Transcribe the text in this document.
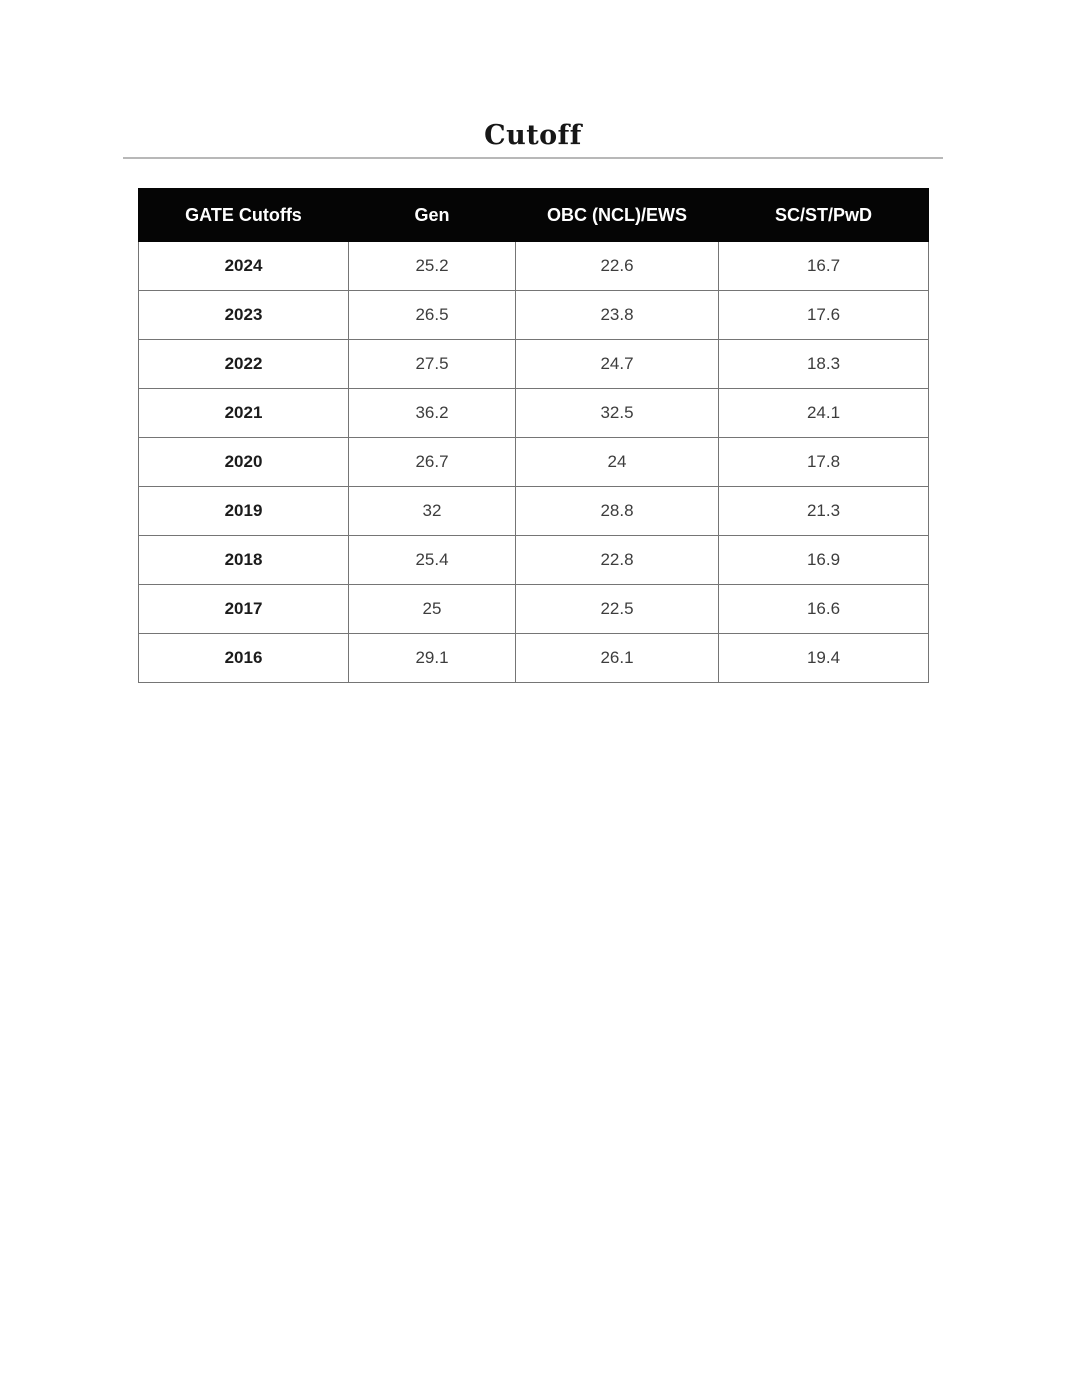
Cutoff
GATE Cutoffs	Gen	OBC (NCL)/EWS	SC/ST/PwD
2024	25.2	22.6	16.7
2023	26.5	23.8	17.6
2022	27.5	24.7	18.3
2021	36.2	32.5	24.1
2020	26.7	24	17.8
2019	32	28.8	21.3
2018	25.4	22.8	16.9
2017	25	22.5	16.6
2016	29.1	26.1	19.4
